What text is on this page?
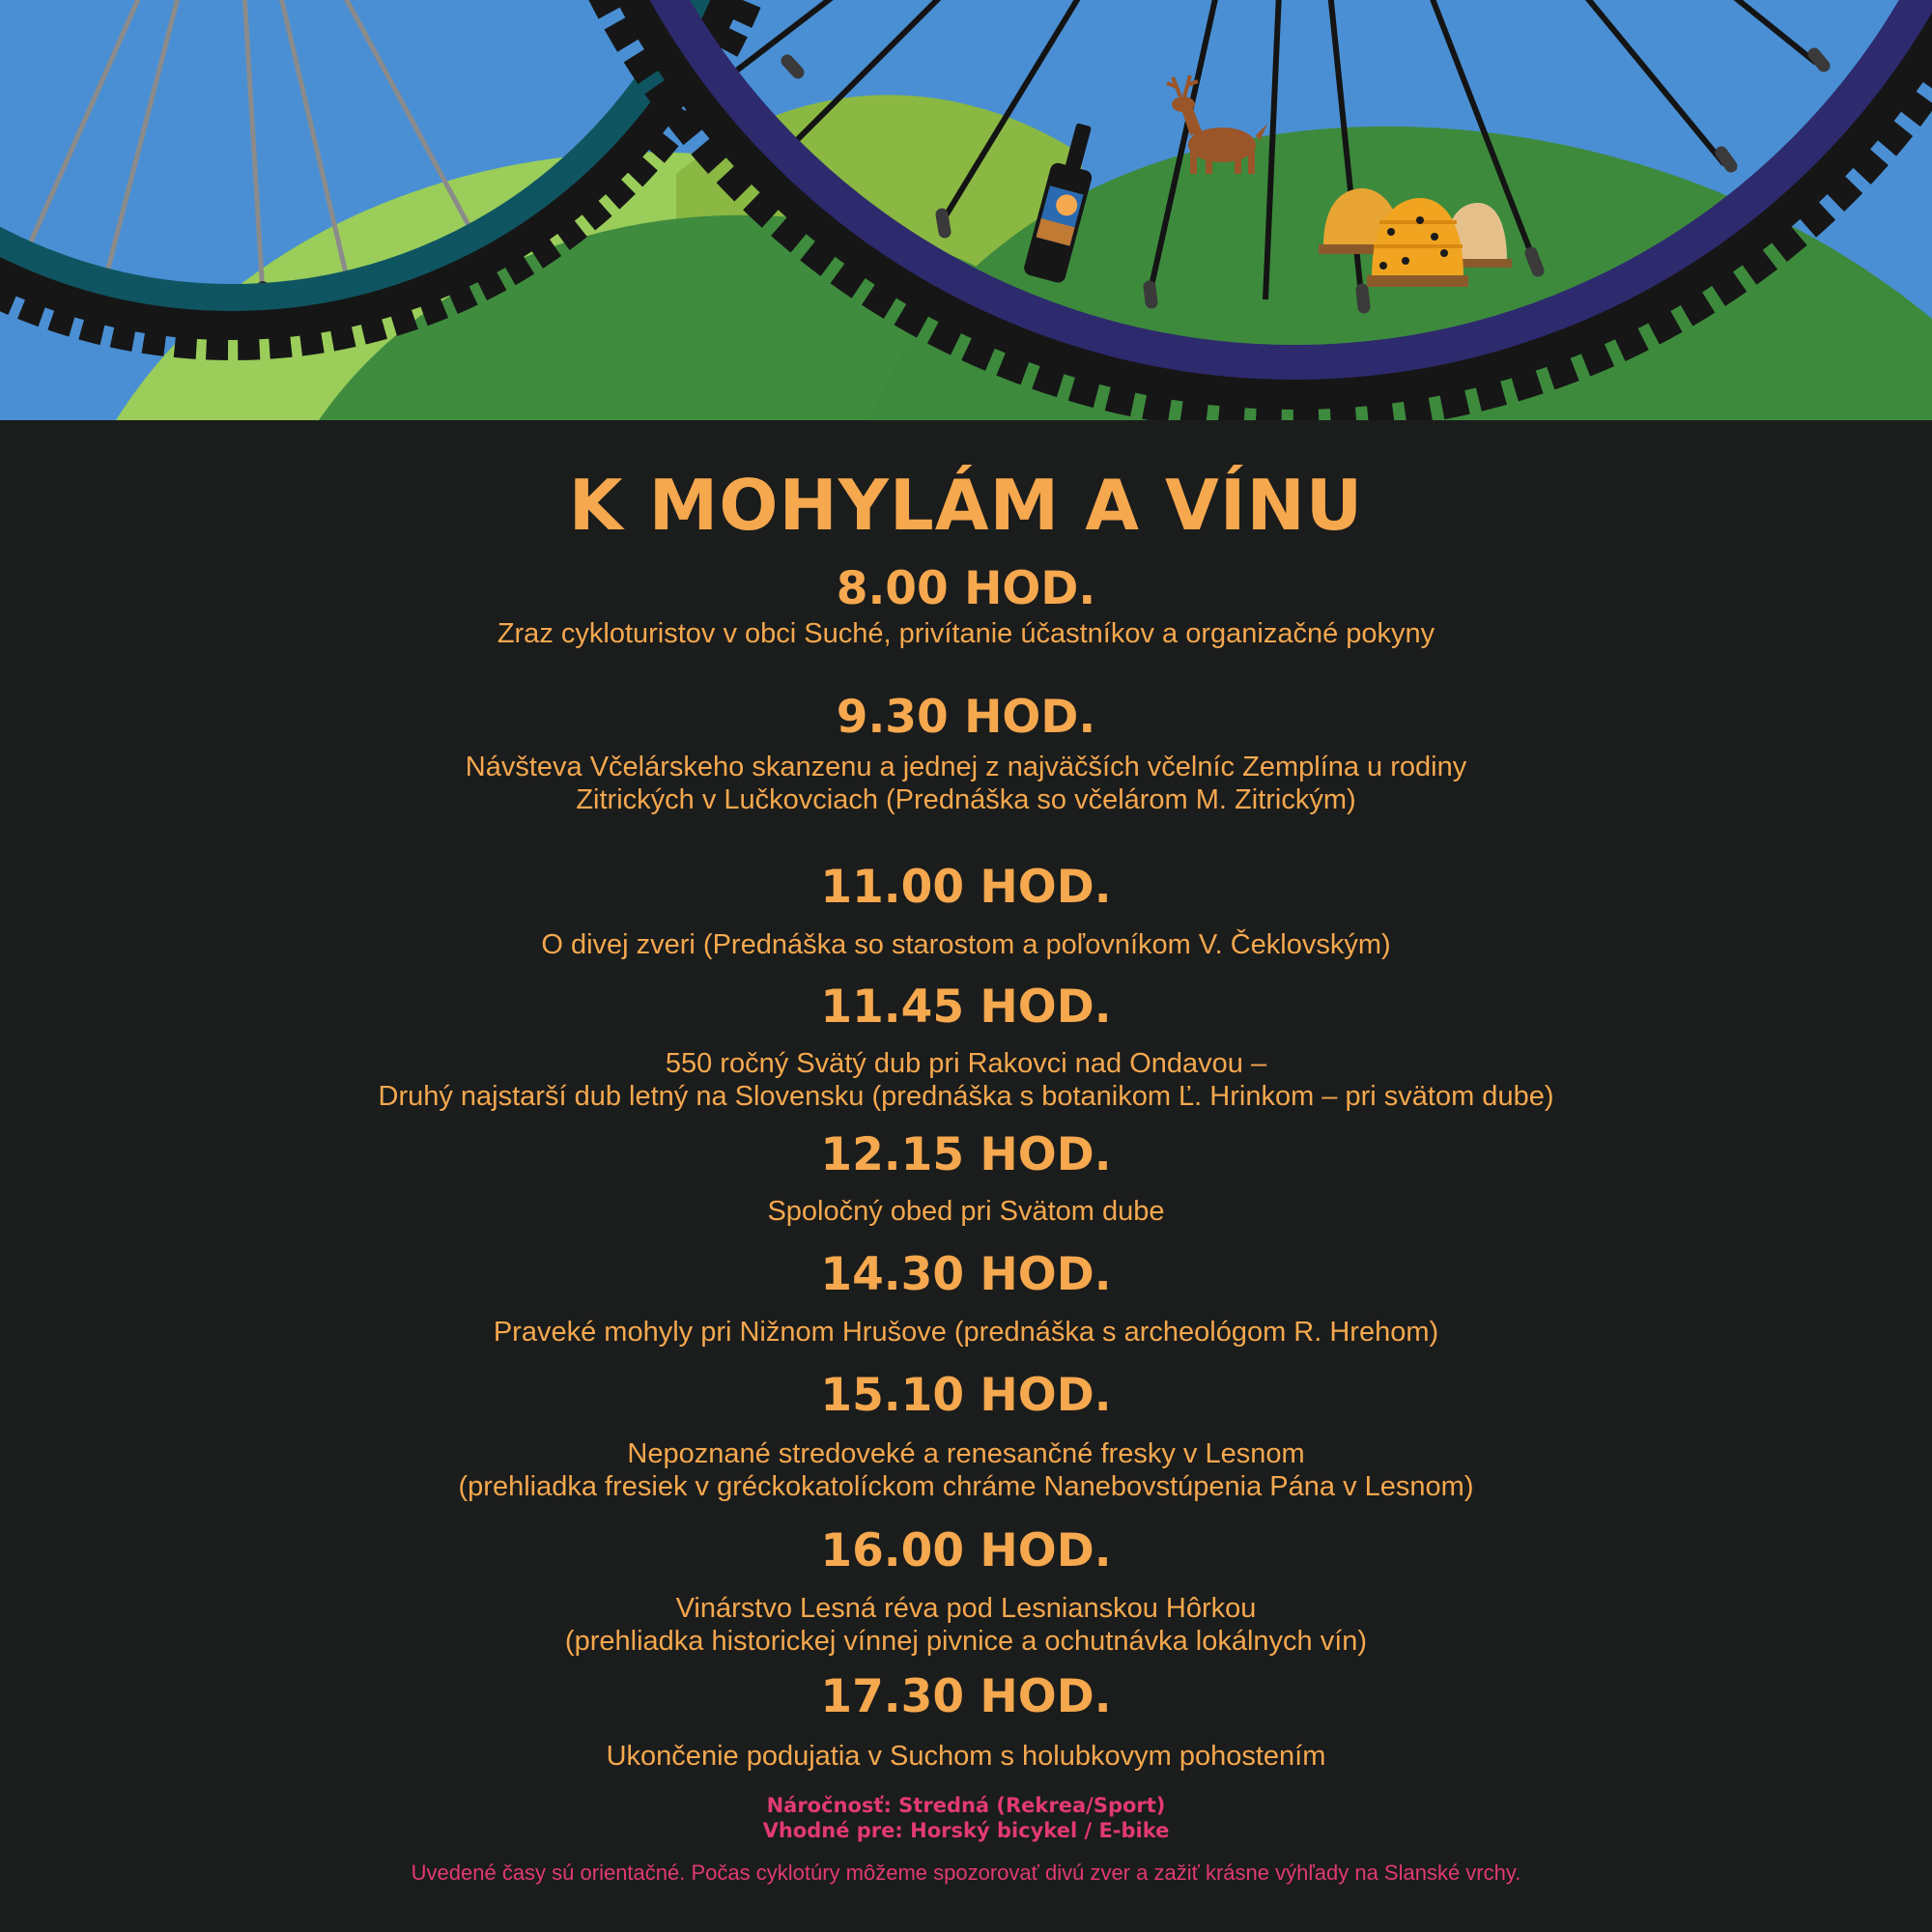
K MOHYLÁM A VÍNU
8.00 HOD.
Zraz cykloturistov v obci Suché, privítanie účastníkov a organizačné pokyny
9.30 HOD.
Návšteva Včelárskeho skanzenu a jednej z najväčších včelníc Zemplína u rodiny
Zitrických v Lučkovciach (Prednáška so včelárom M. Zitrickým)
11.00 HOD.
O divej zveri (Prednáška so starostom a poľovníkom V. Čeklovským)
11.45 HOD.
550 ročný Svätý dub pri Rakovci nad Ondavou –
Druhý najstarší dub letný na Slovensku (prednáška s botanikom Ľ. Hrinkom – pri svätom dube)
12.15 HOD.
Spoločný obed pri Svätom dube
14.30 HOD.
Praveké mohyly pri Nižnom Hrušove (prednáška s archeológom R. Hrehom)
15.10 HOD.
Nepoznané stredoveké a renesančné fresky v Lesnom
(prehliadka fresiek v gréckokatolíckom chráme Nanebovstúpenia Pána v Lesnom)
16.00 HOD.
Vinárstvo Lesná réva pod Lesnianskou Hôrkou
(prehliadka historickej vínnej pivnice a ochutnávka lokálnych vín)
17.30 HOD.
Ukončenie podujatia v Suchom s holubkovym pohostením
Náročnosť: Stredná (Rekrea/Sport)
Vhodné pre: Horský bicykel / E-bike
Uvedené časy sú orientačné. Počas cyklotúry môžeme spozorovať divú zver a zažiť krásne výhľady na Slanské vrchy.
